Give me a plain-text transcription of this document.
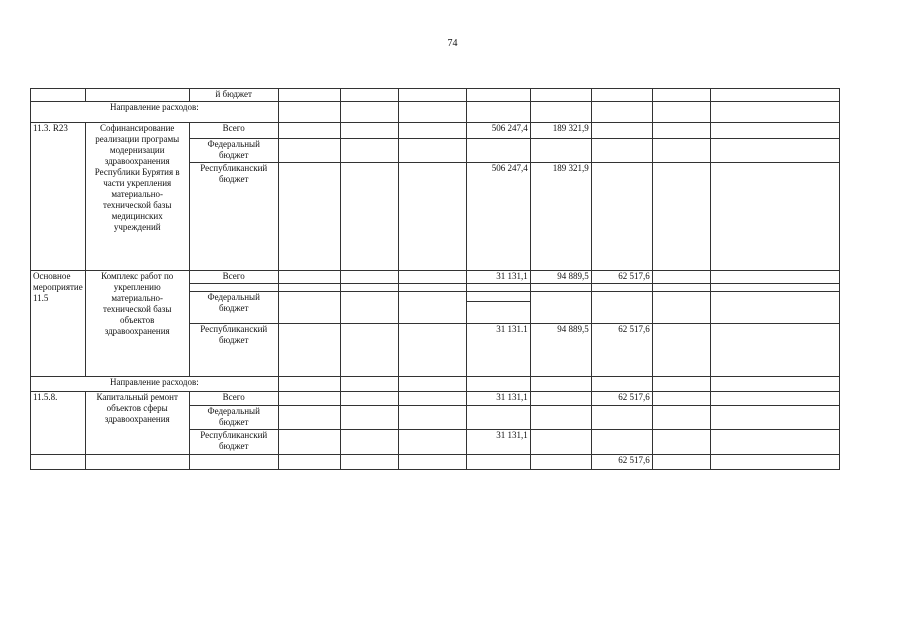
74
		й бюджет								
Направление расходов:										
11.3. R23	Софинансирование реализации програмы модернизации здравоохранения Республики Бурятия в части укрепления материально-технической базы медицинских учреждений	Всего				506 247,4	189 321,9			
		Федеральный бюджет								
		Республиканский бюджет				506 247,4	189 321,9			
Основное мероприятие 11.5	Комплекс работ по укреплению материально-технической базы объектов здравоохранения	Всего				31 131,1	94 889,5	62 517,6		

		Федеральный бюджет								

		Республиканский бюджет				31 131.1	94 889,5	62 517,6		
Направление расходов:										
11.5.8.	Капитальный ремонт объектов сферы здравоохранения	Всего				31 131,1		62 517,6		
		Федеральный бюджет								
		Республиканский бюджет				31 131,1				
								62 517,6		
